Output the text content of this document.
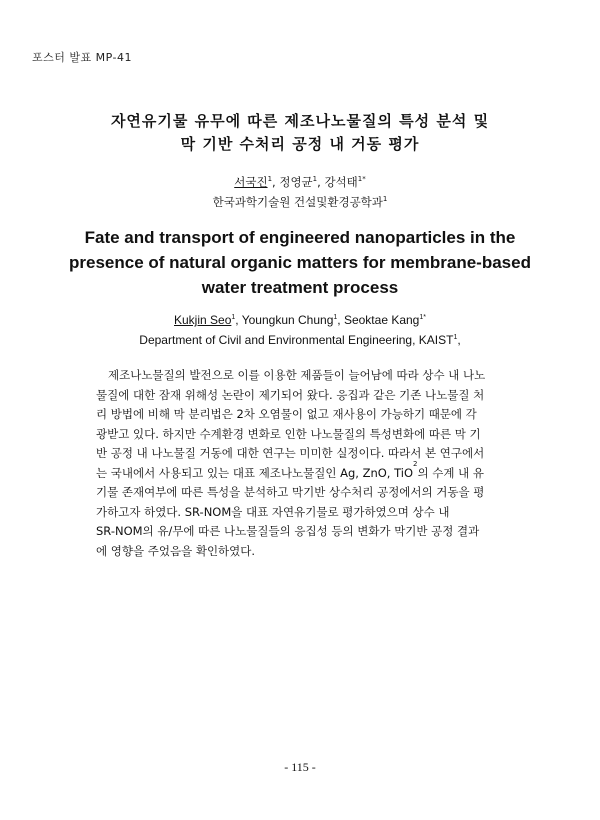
포스터 발표 MP-41
자연유기물 유무에 따른 제조나노물질의 특성 분석 및
막 기반 수처리 공정 내 거동 평가
서국진$^1$, 정영균$^1$, 강석태$^{1*}$
한국과학기술원 건설및환경공학과$^1$
Fate and transport of engineered nanoparticles in the
presence of natural organic matters for membrane-based
water treatment process
Kukjin Seo$^1$, Youngkun Chung$^1$, Seoktae Kang$^{1*}$
Department of Civil and Environmental Engineering, KAIST$^1$,
제조나노물질의 발전으로 이를 이용한 제품들이 늘어남에 따라 상수 내 나노
물질에 대한 잠재 위해성 논란이 제기되어 왔다. 응집과 같은 기존 나노물질 처
리 방법에 비해 막 분리법은 2차 오염물이 없고 재사용이 가능하기 때문에 각
광받고 있다. 하지만 수계환경 변화로 인한 나노물질의 특성변화에 따른 막 기
반 공정 내 나노물질 거동에 대한 연구는 미미한 실정이다. 따라서 본 연구에서
는 국내에서 사용되고 있는 대표 제조나노물질인 Ag, ZnO, TiO
2
의 수계 내 유
기물 존재여부에 따른 특성을 분석하고 막기반 상수처리 공정에서의 거동을 평
가하고자 하였다. SR-NOM을 대표 자연유기물로 평가하였으며 상수 내
SR-NOM의 유/무에 따른 나노물질들의 응집성 등의 변화가 막기반 공정 결과
에 영향을 주었음을 확인하였다.
- 115 -
